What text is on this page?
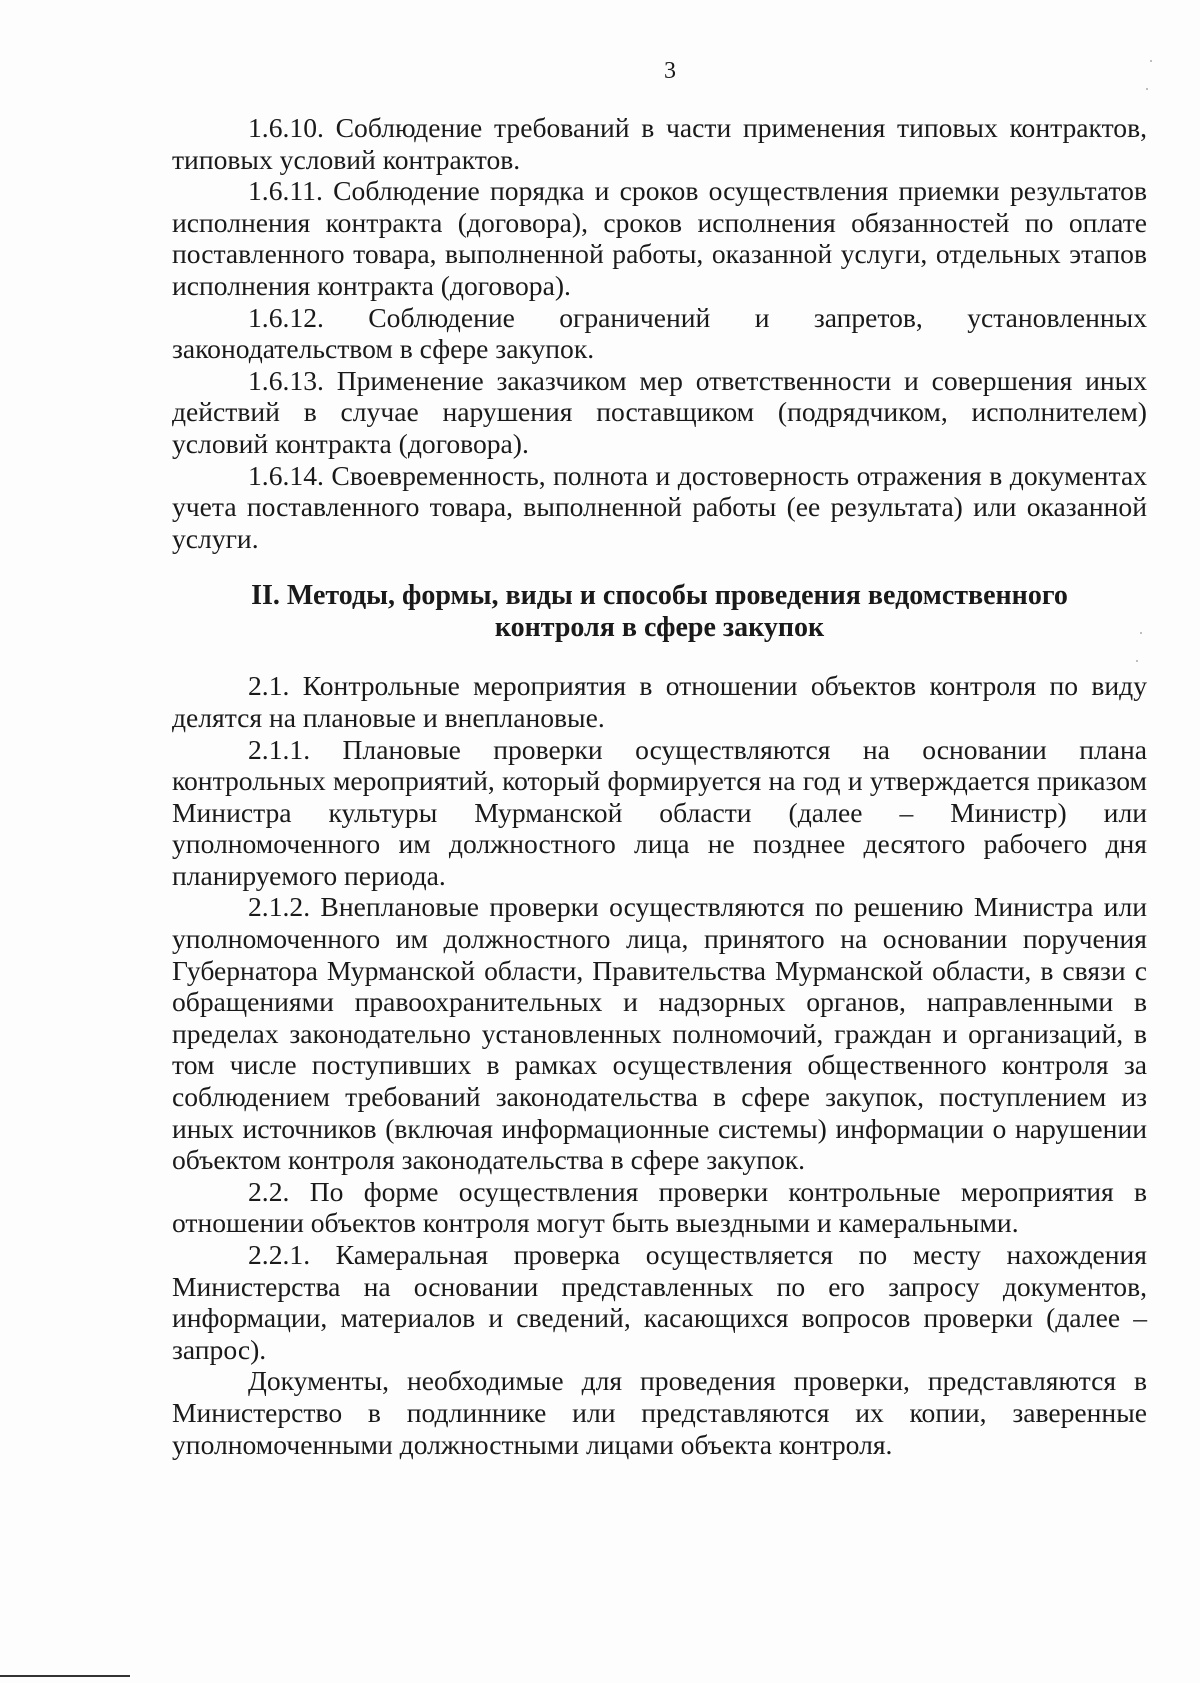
3

1.6.10. Соблюдение требований в части применения типовых контрактов, типовых условий контрактов.

1.6.11. Соблюдение порядка и сроков осуществления приемки результатов исполнения контракта (договора), сроков исполнения обязанностей по оплате поставленного товара, выполненной работы, оказанной услуги, отдельных этапов исполнения контракта (договора).

1.6.12. Соблюдение ограничений и запретов, установленных законодательством в сфере закупок.

1.6.13. Применение заказчиком мер ответственности и совершения иных действий в случае нарушения поставщиком (подрядчиком, исполнителем) условий контракта (договора).

1.6.14. Своевременность, полнота и достоверность отражения в документах учета поставленного товара, выполненной работы (ее результата) или оказанной услуги.

II. Методы, формы, виды и способы проведения ведомственного контроля в сфере закупок

2.1. Контрольные мероприятия в отношении объектов контроля по виду делятся на плановые и внеплановые.

2.1.1. Плановые проверки осуществляются на основании плана контрольных мероприятий, который формируется на год и утверждается приказом Министра культуры Мурманской области (далее – Министр) или уполномоченного им должностного лица не позднее десятого рабочего дня планируемого периода.

2.1.2. Внеплановые проверки осуществляются по решению Министра или уполномоченного им должностного лица, принятого на основании поручения Губернатора Мурманской области, Правительства Мурманской области, в связи с обращениями правоохранительных и надзорных органов, направленными в пределах законодательно установленных полномочий, граждан и организаций, в том числе поступивших в рамках осуществления общественного контроля за соблюдением требований законодательства в сфере закупок, поступлением из иных источников (включая информационные системы) информации о нарушении объектом контроля законодательства в сфере закупок.

2.2. По форме осуществления проверки контрольные мероприятия в отношении объектов контроля могут быть выездными и камеральными.

2.2.1. Камеральная проверка осуществляется по месту нахождения Министерства на основании представленных по его запросу документов, информации, материалов и сведений, касающихся вопросов проверки (далее – запрос).

Документы, необходимые для проведения проверки, представляются в Министерство в подлиннике или представляются их копии, заверенные уполномоченными должностными лицами объекта контроля.
